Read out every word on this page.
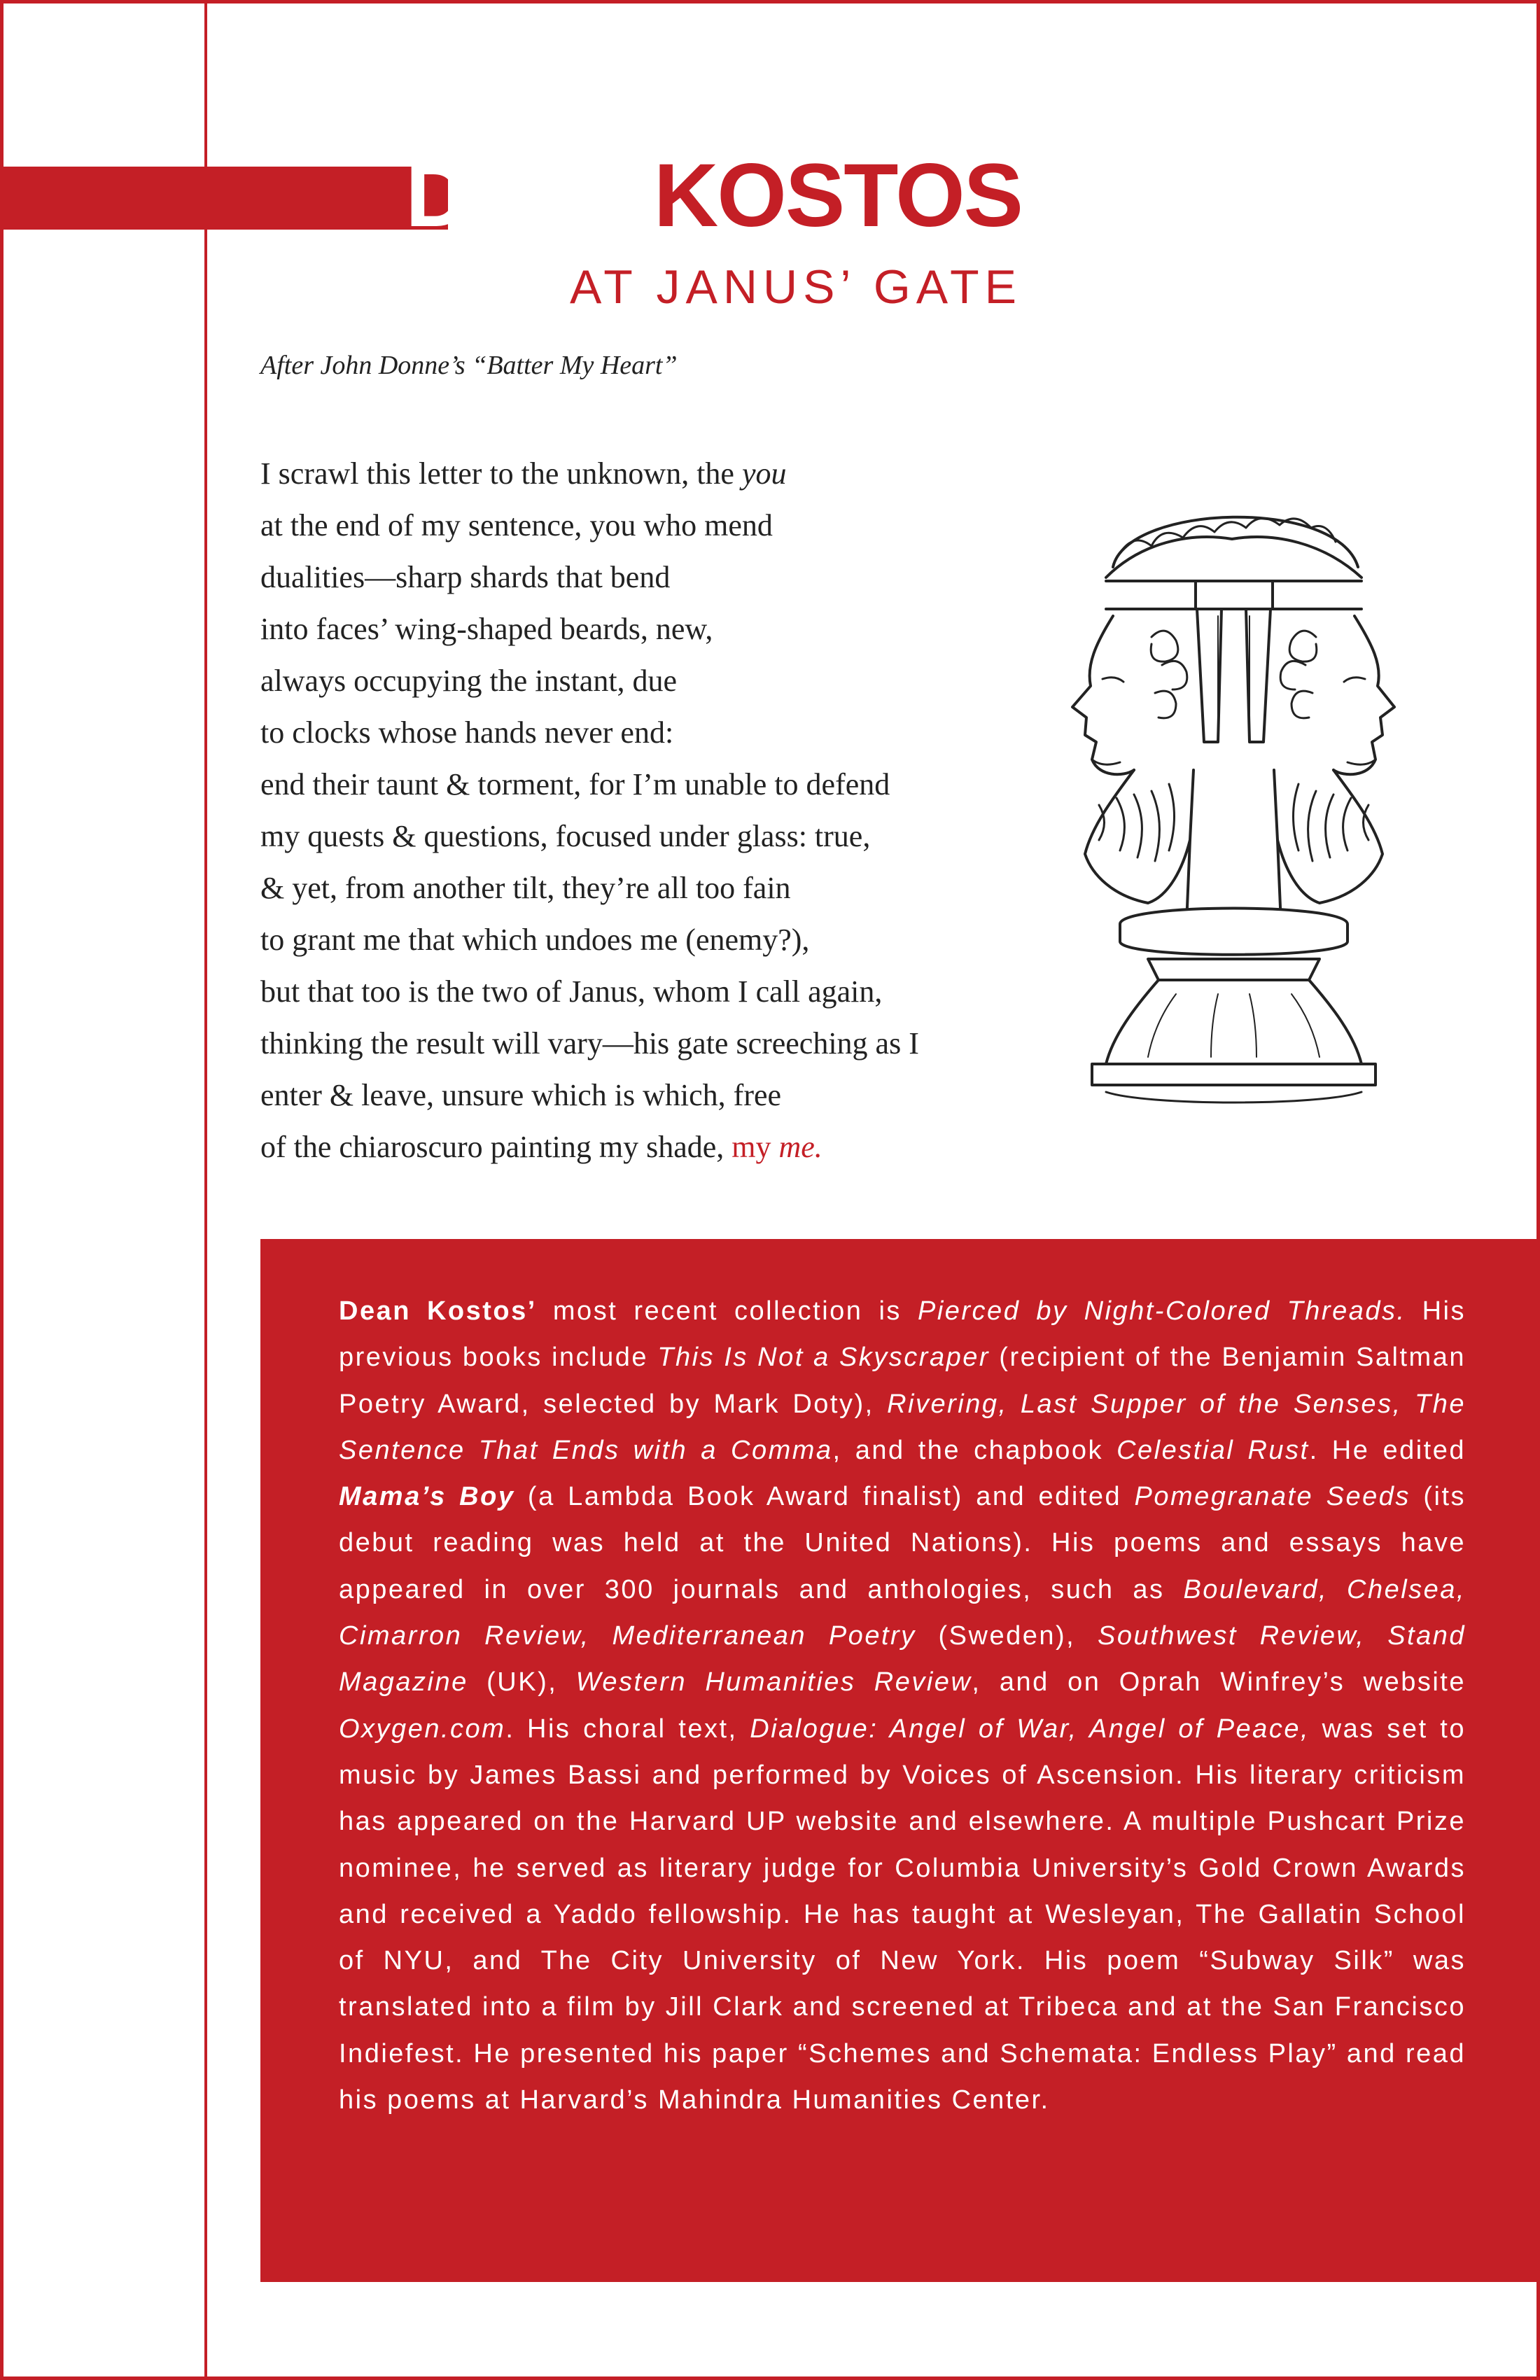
DEANKOSTOS
AT JANUS’ GATE
After John Donne’s “Batter My Heart”
I scrawl this letter to the unknown, the you
at the end of my sentence, you who mend
dualities—sharp shards that bend
into faces’ wing-shaped beards, new,
always occupying the instant, due
to clocks whose hands never end:
end their taunt & torment, for I’m unable to defend
my quests & questions, focused under glass: true,
& yet, from another tilt, they’re all too fain
to grant me that which undoes me (enemy?),
but that too is the two of Janus, whom I call again,
thinking the result will vary—his gate screeching as I
enter & leave, unsure which is which, free
of the chiaroscuro painting my shade, my me.
Dean Kostos’ most recent collection is Pierced by Night-Colored Threads. His previous books include This Is Not a Skyscraper (recipient of the Benjamin Saltman Poetry Award, selected by Mark Doty), Rivering, Last Supper of the Senses, The Sentence That Ends with a Comma, and the chapbook Celestial Rust. He edited Mama’s Boy (a Lambda Book Award finalist) and edited Pomegranate Seeds (its debut reading was held at the United Nations). His poems and essays have appeared in over 300 journals and anthologies, such as Boulevard, Chelsea, Cimarron Review, Mediterranean Poetry (Sweden), Southwest Review, Stand Magazine (UK), Western Humanities Review, and on Oprah Winfrey’s website Oxygen.com. His choral text, Dialogue: Angel of War, Angel of Peace, was set to music by James Bassi and performed by Voices of Ascension. His literary criticism has appeared on the Harvard UP website and elsewhere. A multiple Pushcart Prize nominee, he served as literary judge for Columbia University’s Gold Crown Awards and received a Yaddo fellowship. He has taught at Wesleyan, The Gallatin School of NYU, and The City University of New York. His poem “Subway Silk” was translated into a film by Jill Clark and screened at Tribeca and at the San Francisco Indiefest. He presented his paper “Schemes and Schemata: Endless Play” and read his poems at Harvard’s Mahindra Humanities Center.
